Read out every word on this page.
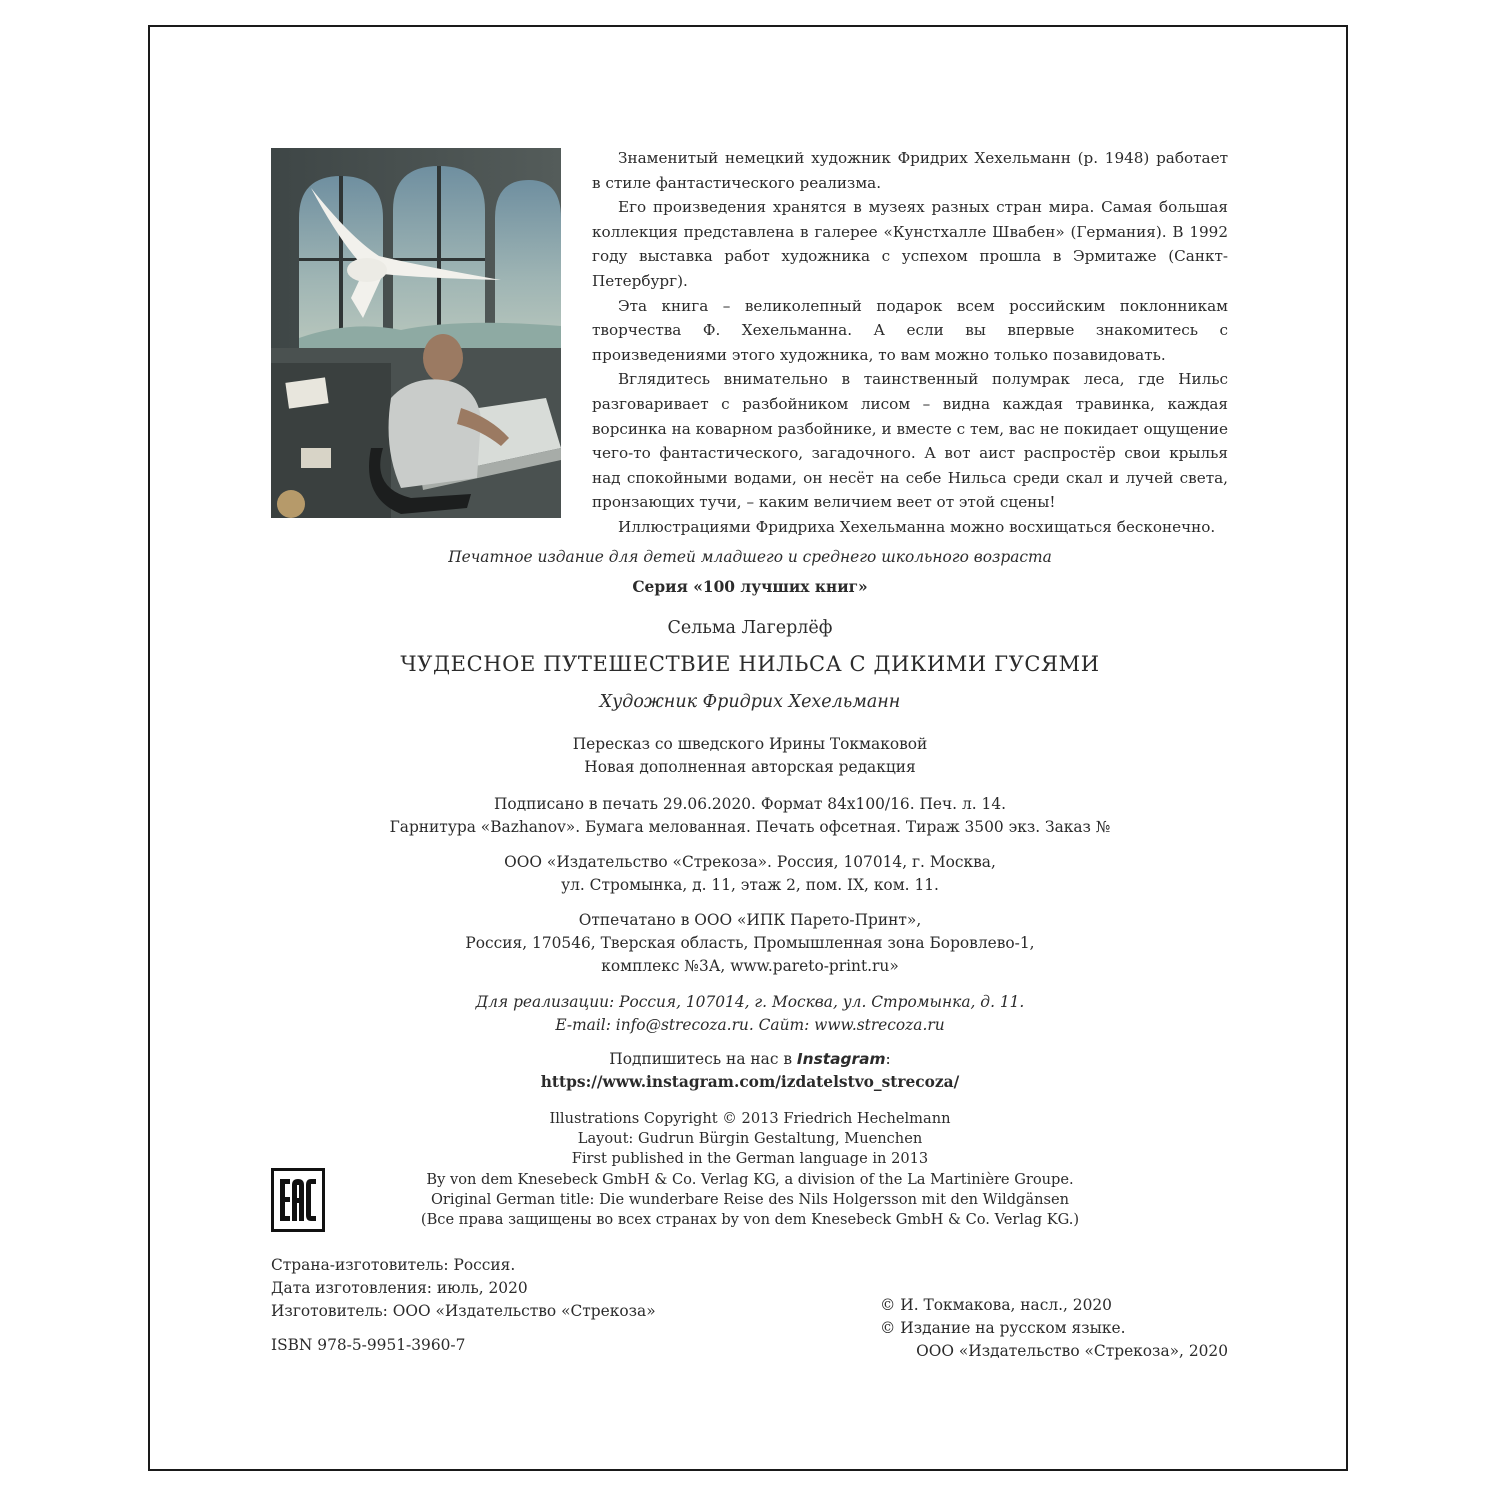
Знаменитый немецкий художник Фридрих Хехельманн (р. 1948) работает в стиле фантастического реализма.

Его произведения хранятся в музеях разных стран мира. Самая большая коллекция представлена в галерее «Кунстхалле Швабен» (Германия). В 1992 году выставка работ художника с успехом прошла в Эрмитаже (Санкт-Петербург).

Эта книга – великолепный подарок всем российским поклонникам творчества Ф. Хехельманна. А если вы впервые знакомитесь с произведениями этого художника, то вам можно только позавидовать.

Вглядитесь внимательно в таинственный полумрак леса, где Нильс разговаривает с разбойником лисом – видна каждая травинка, каждая ворсинка на коварном разбойнике, и вместе с тем, вас не покидает ощущение чего-то фантастического, загадочного. А вот аист распростёр свои крылья над спокойными водами, он несёт на себе Нильса среди скал и лучей света, пронзающих тучи, – каким величием веет от этой сцены!

Иллюстрациями Фридриха Хехельманна можно восхищаться бесконечно.

Печатное издание для детей младшего и среднего школьного возраста
Серия «100 лучших книг»
Сельма Лагерлёф
ЧУДЕСНОЕ ПУТЕШЕСТВИЕ НИЛЬСА С ДИКИМИ ГУСЯМИ
Художник Фридрих Хехельманн
Пересказ со шведского Ирины Токмаковой
Новая дополненная авторская редакция
Подписано в печать 29.06.2020. Формат 84х100/16. Печ. л. 14.
Гарнитура «Bazhanov». Бумага мелованная. Печать офсетная. Тираж 3500 экз. Заказ №
ООО «Издательство «Стрекоза». Россия, 107014, г. Москва,
ул. Стромынка, д. 11, этаж 2, пом. IX, ком. 11.
Отпечатано в ООО «ИПК Парето-Принт»,
Россия, 170546, Тверская область, Промышленная зона Боровлево-1,
комплекс №3А, www.pareto-print.ru»
Для реализации: Россия, 107014, г. Москва, ул. Стромынка, д. 11.
E-mail: info@strecoza.ru. Сайт: www.strecoza.ru
Подпишитесь на нас в Instagram:
https://www.instagram.com/izdatelstvo_strecoza/
Illustrations Copyright © 2013 Friedrich Hechelmann
Layout: Gudrun Bürgin Gestaltung, Muenchen
First published in the German language in 2013
By von dem Knesebeck GmbH & Co. Verlag KG, a division of the La Martinière Groupe.
Original German title: Die wunderbare Reise des Nils Holgersson mit den Wildgänsen
(Все права защищены во всех странах by von dem Knesebeck GmbH & Co. Verlag KG.)
Страна-изготовитель: Россия.
Дата изготовления: июль, 2020
Изготовитель: ООО «Издательство «Стрекоза»
ISBN 978-5-9951-3960-7
© И. Токмакова, насл., 2020
© Издание на русском языке.
ООО «Издательство «Стрекоза», 2020
